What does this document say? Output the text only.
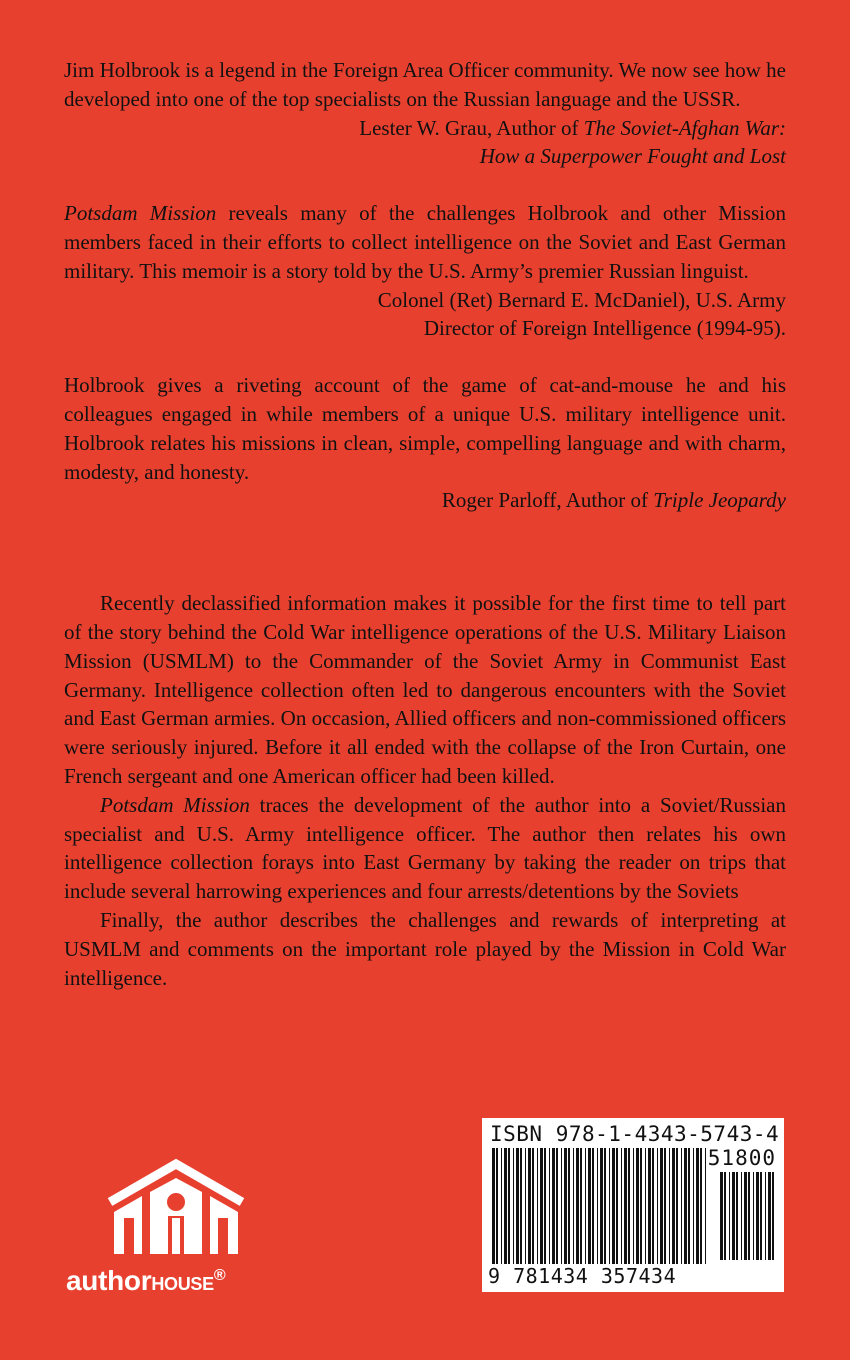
Jim Holbrook is a legend in the Foreign Area Officer community. We now see how he developed into one of the top specialists on the Russian language and the USSR.

Lester W. Grau, Author of The Soviet-Afghan War:
How a Superpower Fought and Lost

Potsdam Mission reveals many of the challenges Holbrook and other Mission members faced in their efforts to collect intelligence on the Soviet and East German military. This memoir is a story told by the U.S. Army’s premier Russian linguist.

Colonel (Ret) Bernard E. McDaniel), U.S. Army
Director of Foreign Intelligence (1994-95).

Holbrook gives a riveting account of the game of cat-and-mouse he and his colleagues engaged in while members of a unique U.S. military intelligence unit. Holbrook relates his missions in clean, simple, compelling language and with charm, modesty, and honesty.

Roger Parloff, Author of Triple Jeopardy

Recently declassified information makes it possible for the first time to tell part of the story behind the Cold War intelligence operations of the U.S. Military Liaison Mission (USMLM) to the Commander of the Soviet Army in Communist East Germany. Intelligence collection often led to dangerous encounters with the Soviet and East German armies. On occasion, Allied officers and non-commissioned officers were seriously injured. Before it all ended with the collapse of the Iron Curtain, one French sergeant and one American officer had been killed.

Potsdam Mission traces the development of the author into a Soviet/Russian specialist and U.S. Army intelligence officer. The author then relates his own intelligence collection forays into East Germany by taking the reader on trips that include several harrowing experiences and four arrests/detentions by the Soviets

Finally, the author describes the challenges and rewards of interpreting at USMLM and comments on the important role played by the Mission in Cold War intelligence.

authorHOUSE®
ISBN 978-1-4343-5743-4
51800
9 781434 357434
